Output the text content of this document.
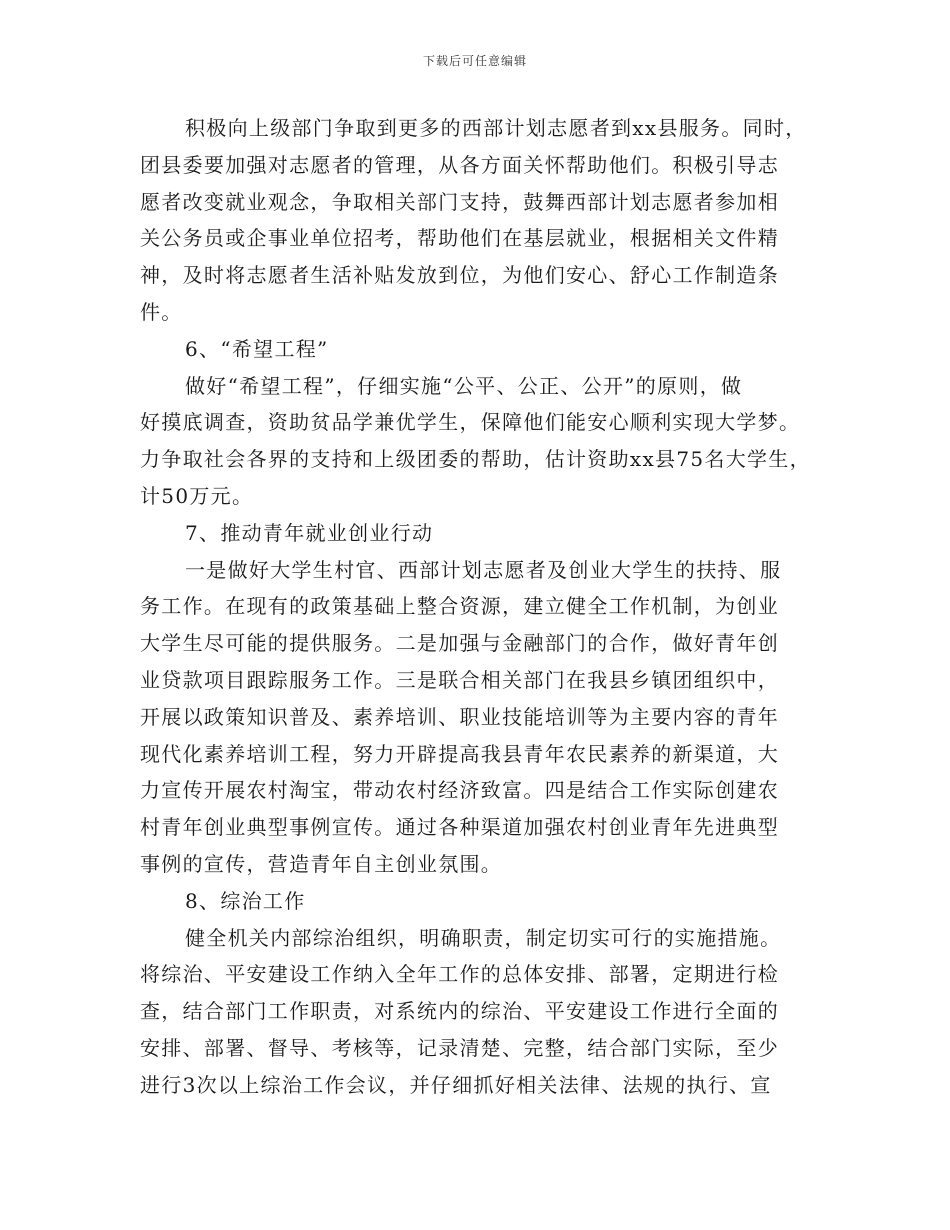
下载后可任意编辑
积极向上级部门争取到更多的西部计划志愿者到xx县服务。同时，
团县委要加强对志愿者的管理，从各方面关怀帮助他们。积极引导志
愿者改变就业观念，争取相关部门支持，鼓舞西部计划志愿者参加相
关公务员或企事业单位招考，帮助他们在基层就业，根据相关文件精
神，及时将志愿者生活补贴发放到位，为他们安心、舒心工作制造条
件。
6、“希望工程”
做好“希望工程”，仔细实施“公平、公正、公开”的原则，做
好摸底调查，资助贫品学兼优学生，保障他们能安心顺利实现大学梦。
力争取社会各界的支持和上级团委的帮助，估计资助xx县75名大学生，
计50万元。
7、推动青年就业创业行动
一是做好大学生村官、西部计划志愿者及创业大学生的扶持、服
务工作。在现有的政策基础上整合资源，建立健全工作机制，为创业
大学生尽可能的提供服务。二是加强与金融部门的合作，做好青年创
业贷款项目跟踪服务工作。三是联合相关部门在我县乡镇团组织中，
开展以政策知识普及、素养培训、职业技能培训等为主要内容的青年
现代化素养培训工程，努力开辟提高我县青年农民素养的新渠道，大
力宣传开展农村淘宝，带动农村经济致富。四是结合工作实际创建农
村青年创业典型事例宣传。通过各种渠道加强农村创业青年先进典型
事例的宣传，营造青年自主创业氛围。
8、综治工作
健全机关内部综治组织，明确职责，制定切实可行的实施措施。
将综治、平安建设工作纳入全年工作的总体安排、部署，定期进行检
查，结合部门工作职责，对系统内的综治、平安建设工作进行全面的
安排、部署、督导、考核等，记录清楚、完整，结合部门实际，至少
进行3次以上综治工作会议，并仔细抓好相关法律、法规的执行、宣
